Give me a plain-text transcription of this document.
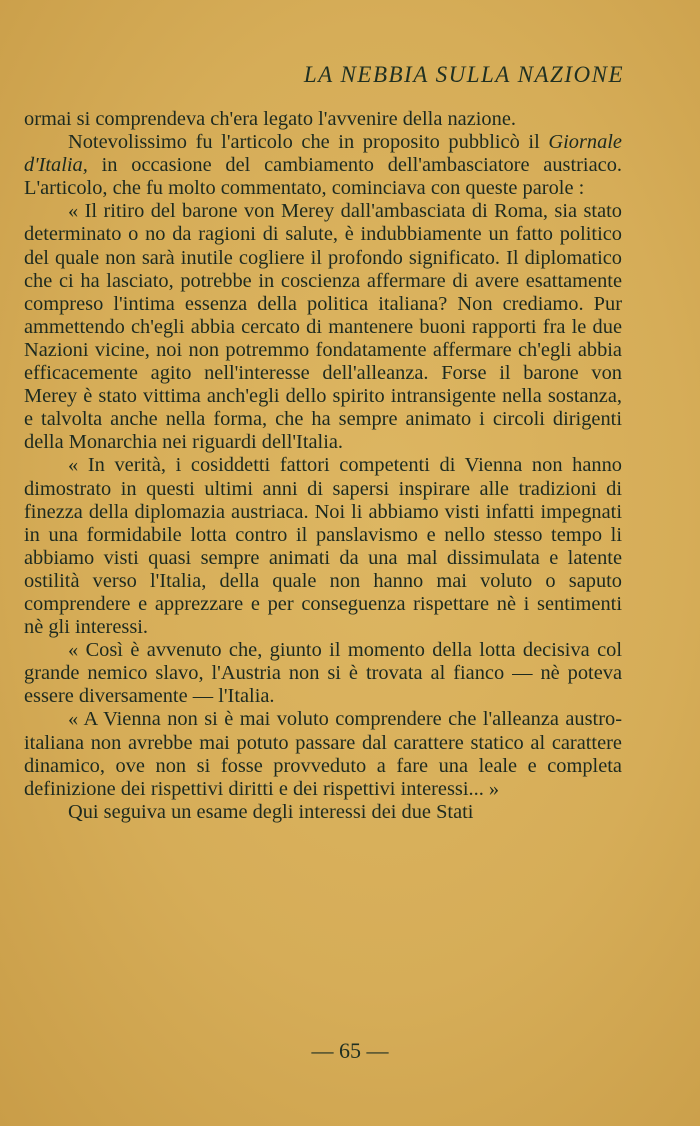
LA NEBBIA SULLA NAZIONE

ormai si comprendeva ch'era legato l'avvenire della nazione.

Notevolissimo fu l'articolo che in proposito pubblicò il Giornale d'Italia, in occasione del cambiamento dell'ambasciatore austriaco. L'articolo, che fu molto commentato, cominciava con queste parole :

« Il ritiro del barone von Merey dall'ambasciata di Roma, sia stato determinato o no da ragioni di salute, è indubbiamente un fatto politico del quale non sarà inutile cogliere il profondo significato. Il diplomatico che ci ha lasciato, potrebbe in coscienza affermare di avere esattamente compreso l'intima essenza della politica italiana? Non crediamo. Pur ammettendo ch'egli abbia cercato di mantenere buoni rapporti fra le due Nazioni vicine, noi non potremmo fondatamente affermare ch'egli abbia efficacemente agito nell'interesse dell'alleanza. Forse il barone von Merey è stato vittima anch'egli dello spirito intransigente nella sostanza, e talvolta anche nella forma, che ha sempre animato i circoli dirigenti della Monarchia nei riguardi dell'Italia.

« In verità, i cosiddetti fattori competenti di Vienna non hanno dimostrato in questi ultimi anni di sapersi inspirare alle tradizioni di finezza della diplomazia austriaca. Noi li abbiamo visti infatti impegnati in una formidabile lotta contro il panslavismo e nello stesso tempo li abbiamo visti quasi sempre animati da una mal dissimulata e latente ostilità verso l'Italia, della quale non hanno mai voluto o saputo comprendere e apprezzare e per conseguenza rispettare nè i sentimenti nè gli interessi.

« Così è avvenuto che, giunto il momento della lotta decisiva col grande nemico slavo, l'Austria non si è trovata al fianco — nè poteva essere diversamente — l'Italia.

« A Vienna non si è mai voluto comprendere che l'alleanza austro-italiana non avrebbe mai potuto passare dal carattere statico al carattere dinamico, ove non si fosse provveduto a fare una leale e completa definizione dei rispettivi diritti e dei rispettivi interessi... »

Qui seguiva un esame degli interessi dei due Stati

— 65 —
